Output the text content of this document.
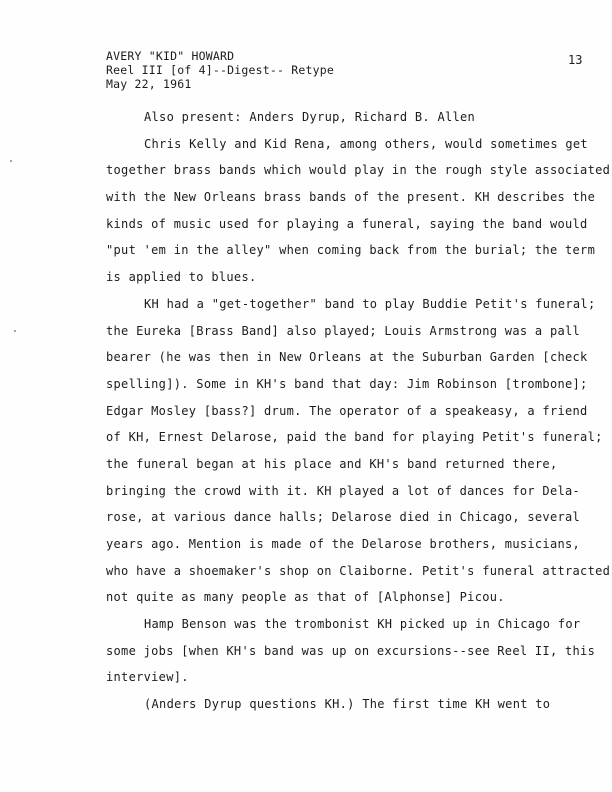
AVERY "KID" HOWARD
Reel III [of 4]--Digest-- Retype
May 22, 1961
13
Also present: Anders Dyrup, Richard B. Allen
Chris Kelly and Kid Rena, among others, would sometimes get
together brass bands which would play in the rough style associated
with the New Orleans brass bands of the present. KH describes the
kinds of music used for playing a funeral, saying the band would
"put 'em in the alley" when coming back from the burial; the term
is applied to blues.
KH had a "get-together" band to play Buddie Petit's funeral;
the Eureka [Brass Band] also played; Louis Armstrong was a pall
bearer (he was then in New Orleans at the Suburban Garden [check
spelling]). Some in KH's band that day: Jim Robinson [trombone];
Edgar Mosley [bass?] drum. The operator of a speakeasy, a friend
of KH, Ernest Delarose, paid the band for playing Petit's funeral;
the funeral began at his place and KH's band returned there,
bringing the crowd with it. KH played a lot of dances for Dela-
rose, at various dance halls; Delarose died in Chicago, several
years ago. Mention is made of the Delarose brothers, musicians,
who have a shoemaker's shop on Claiborne. Petit's funeral attracted
not quite as many people as that of [Alphonse] Picou.
Hamp Benson was the trombonist KH picked up in Chicago for
some jobs [when KH's band was up on excursions--see Reel II, this
interview].
(Anders Dyrup questions KH.) The first time KH went to
